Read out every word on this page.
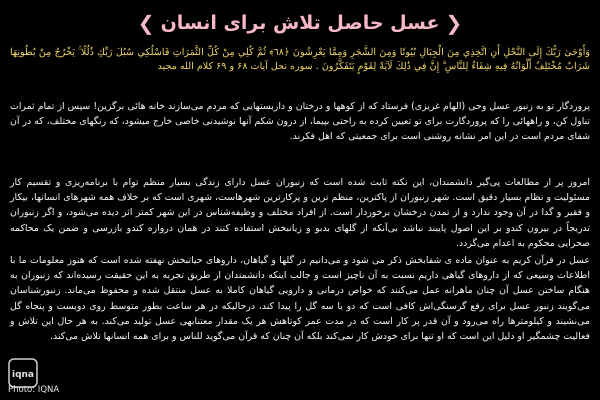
❮ عسل حاصل تلاش برای انسان ❯
وَأَوْحَىٰ رَبُّكَ إِلَى النَّحْلِ أَنِ اتَّخِذِي مِنَ الْجِبَالِ بُيُوتًا وَمِنَ الشَّجَرِ وَمِمَّا يَعْرِشُونَ ﴿٦٨﴾ ثُمَّ كُلِي مِنْ كُلِّ الثَّمَرَاتِ فَاسْلُكِي سُبُلَ رَبِّكِ ذُلُلًا ۚ يَخْرُجُ مِنْ بُطُونِهَا شَرَابٌ مُخْتَلِفٌ أَلْوَانُهُ فِيهِ شِفَاءٌ لِلنَّاسِ ۗ إِنَّ فِي ذَٰلِكَ لَآيَةً لِقَوْمٍ يَتَفَكَّرُونَ . سوره نحل آیات ۶۸ و ۶۹ کلام الله مجید
پروردگار تو به زنبور عسل وحی (الهام غریزی) فرستاد که از کوهها و درختان و داربستهایی که مردم می‌سازند خانه هائی برگزین! سپس از تمام ثمرات تناول کن، و راههائی را که پروردگارت برای تو تعیین کرده به راحتی بپیما، از درون شکم آنها نوشیدنی خاصی خارج میشود، که رنگهای مختلف، که در آن شفای مردم است در این امر نشانه روشنی است برای جمعیتی که اهل فکرند.
امروز پر از مطالعات پی‌گیر دانشمندان، این نکته ثابت شده است که زنبوران عسل دارای زندگی بسیار منظم توام با برنامه‌ریزی و تقسیم کار مسئولیت و نظام بسیار دقیق است. شهر زنبوران از پاکترین، منظم ترین و پرکارترین شهرهاست، شهری است که بر خلاف همه شهرهای انسانها، بیکار و فقیر و گدا در آن وجود ندارد و از تمدن درخشان برخوردار است. از افراد مختلف و وظیفه‌شناس در این شهر کمتر اثر دیده می‌شود، و اگر زنبوران تدریجاً در بیرون کندو بر این اصول پایبند نباشد بی‌آنکه از گلهای بدبو و زیانبخش استفاده کنند در همان دروازه کندو بازرسی و ضمن یک محاکمه صحرایی محکوم به اعدام می‌گردد.
عسل در قرآن کریم به عنوان ماده ی شفابخش ذکر می شود و می‌دانیم در گلها و گیاهان، داروهای حیاتبخش نهفته شده است که هنوز معلومات ما با اطلاعات وسیعی که از داروهای گیاهی داریم نسبت به آن ناچیز است و جالب اینکه دانشمندان از طریق تجربه به این حقیقت رسیده‌اند که زنبوران به هنگام ساختن عسل آن چنان ماهرانه عمل می‌کنند که خواص درمانی و دارویی گیاهان کاملا به عسل منتقل شده و محفوظ می‌ماند. زنبورشناسان می‌گویند زنبور عسل برای رفع گرسنگی‌اش کافی است که دو یا سه گل را پیدا کند، درحالیکه در هر ساعت بطور متوسط روی دویست و پنجاه گل می‌نشیند و کیلومترها راه می‌رود و آن قدر پر کار است که در مدت عمر کوتاهش هر یک مقدار معتنابهی عسل تولید می‌کند. به هر حال این تلاش و فعالیت چشمگیر او دلیل این است که او تنها برای خودش کار نمی‌کند بلکه آن چنان که قرآن می‌گوید للناس و برای همه انسانها تلاش می‌کند.
iqna
Photo: IQNA
